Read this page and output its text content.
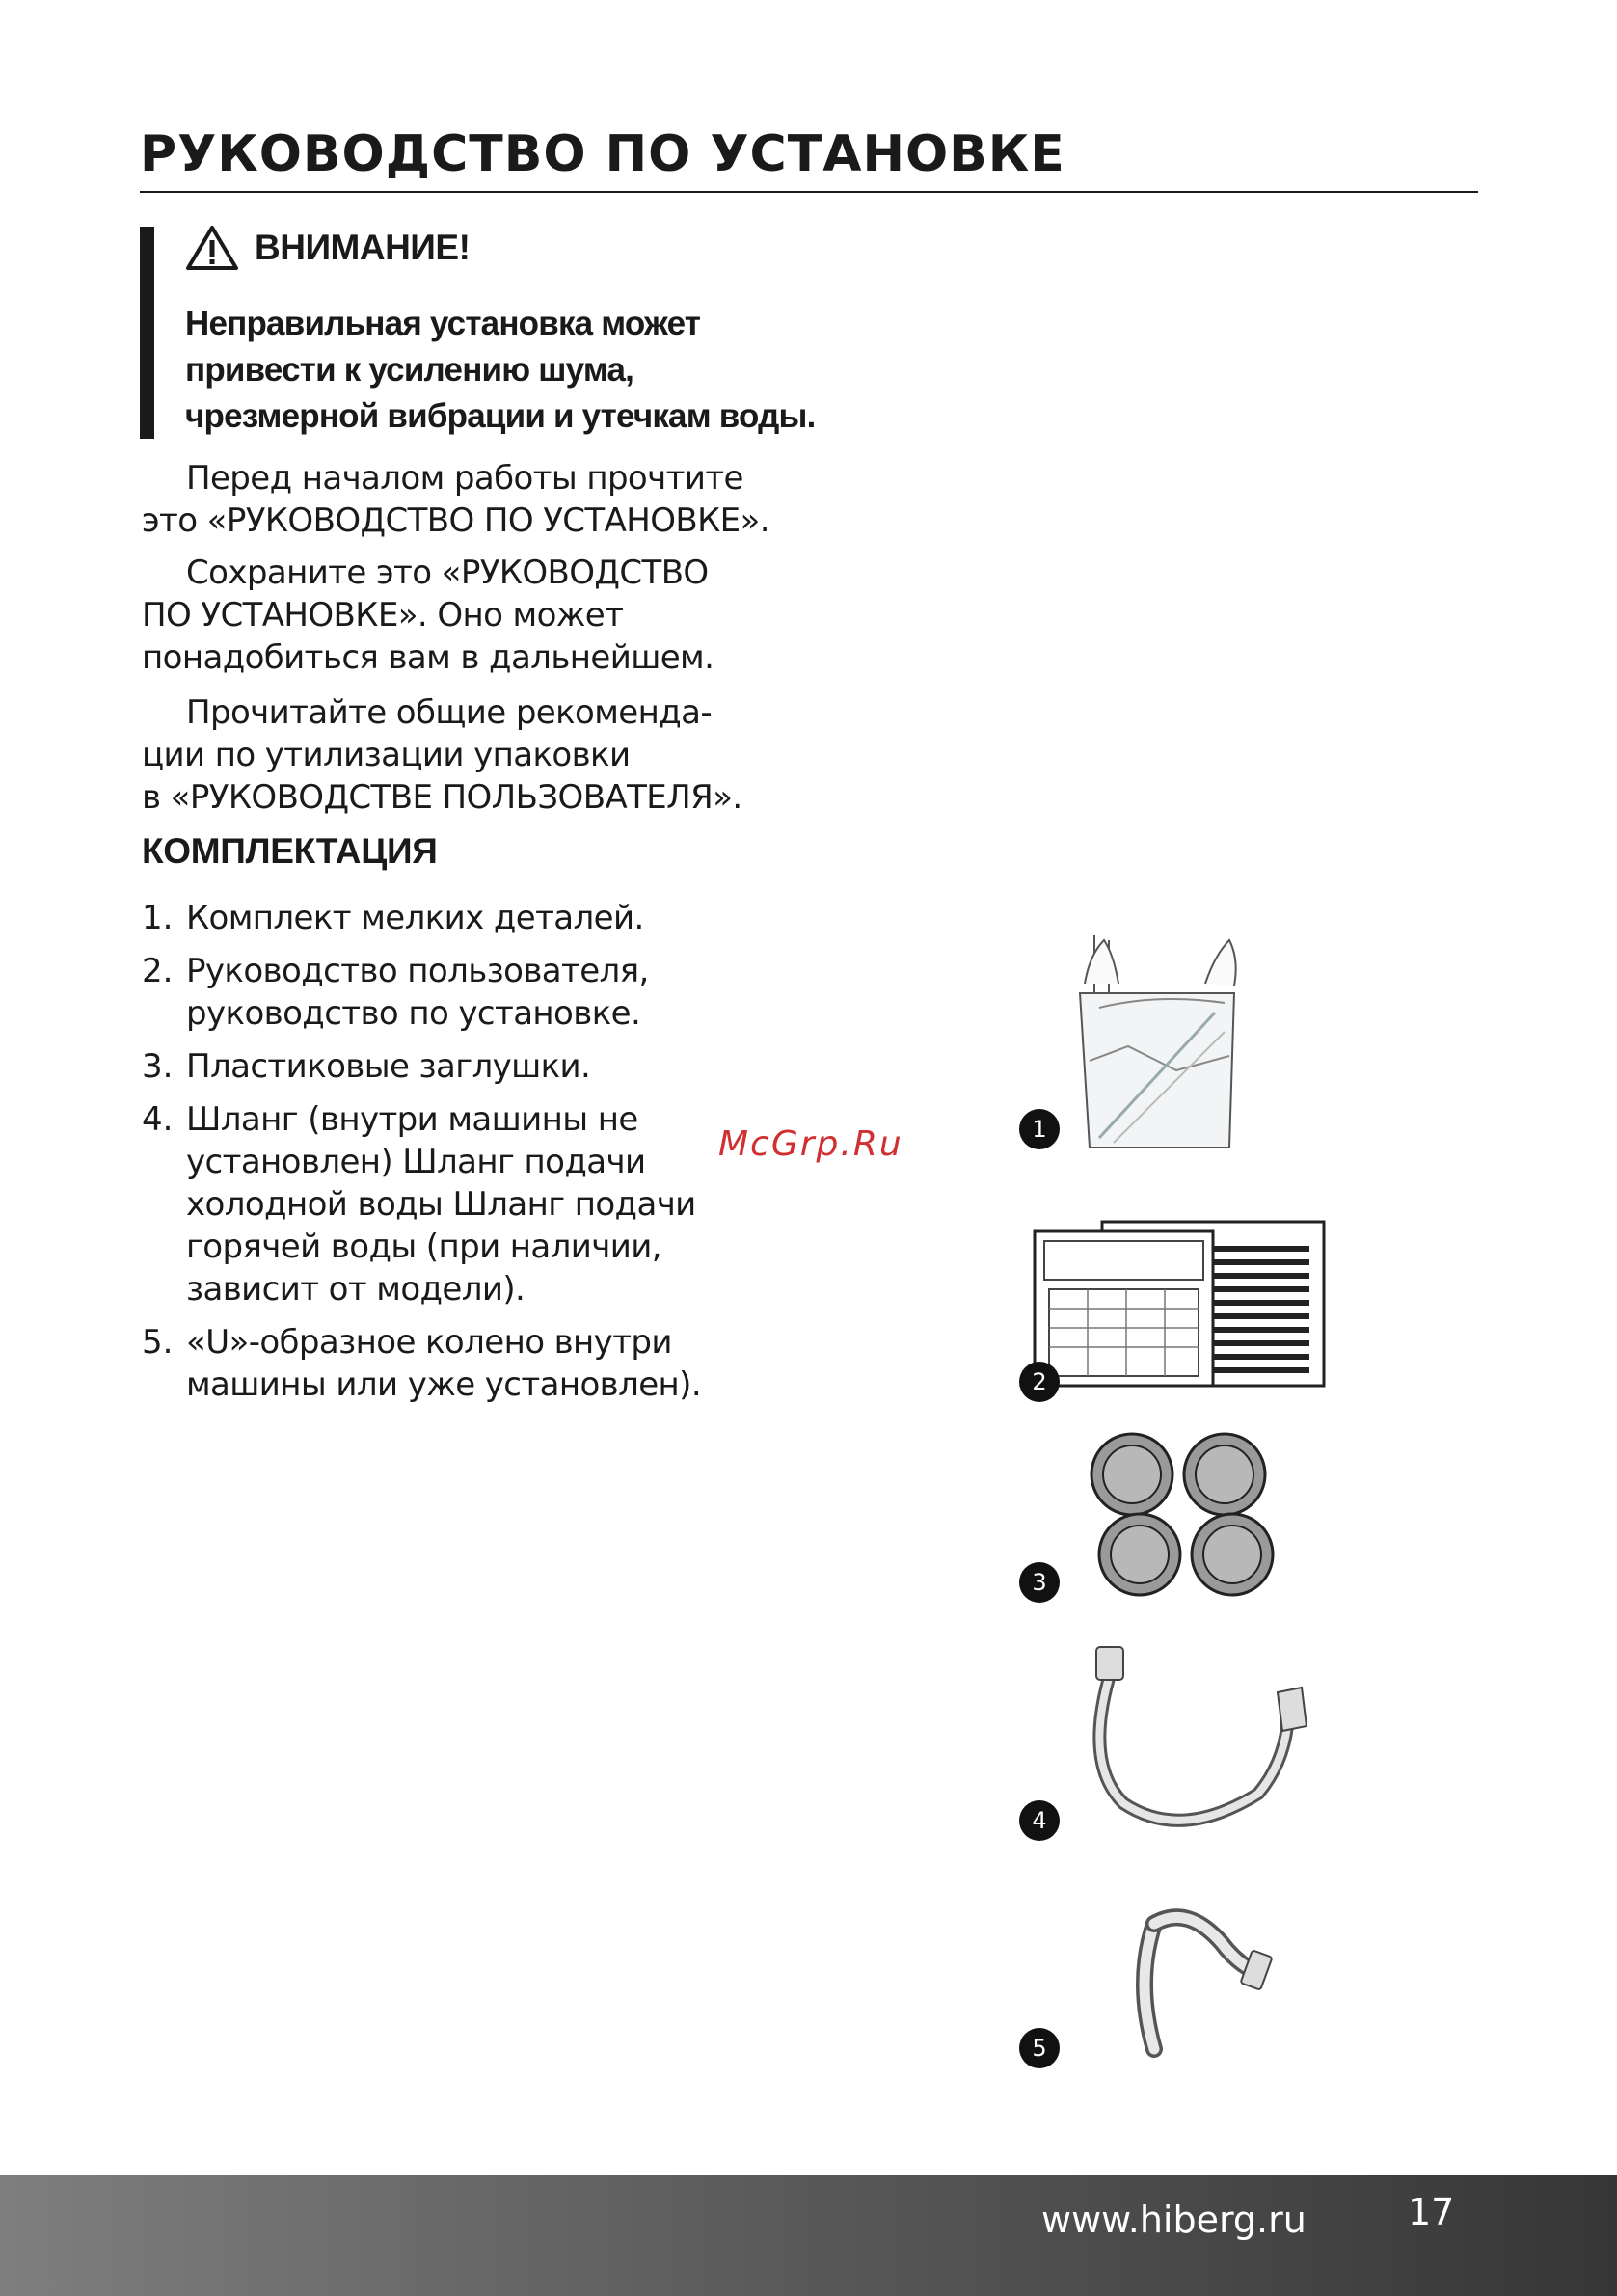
РУКОВОДСТВО ПО УСТАНОВКЕ
ВНИМАНИЕ!
Неправильная установка может
привести к усилению шума,
чрезмерной вибрации и утечкам воды.
Перед началом работы прочтите
это «РУКОВОДСТВО ПО УСТАНОВКЕ».
Сохраните это «РУКОВОДСТВО
ПО УСТАНОВКЕ». Оно может
понадобиться вам в дальнейшем.
Прочитайте общие рекоменда-
ции по утилизации упаковки
в «РУКОВОДСТВЕ ПОЛЬЗОВАТЕЛЯ».
КОМПЛЕКТАЦИЯ
1. Комплект мелких деталей.
2. Руководство пользователя,
руководство по установке.
3. Пластиковые заглушки.
4. Шланг (внутри машины не
установлен) Шланг подачи
холодной воды Шланг подачи
горячей воды (при наличии,
зависит от модели).
5. «U»-образное колено внутри
машины или уже установлен).
McGrp.Ru	1
2
3
4
5
www.hiberg.ru	17
